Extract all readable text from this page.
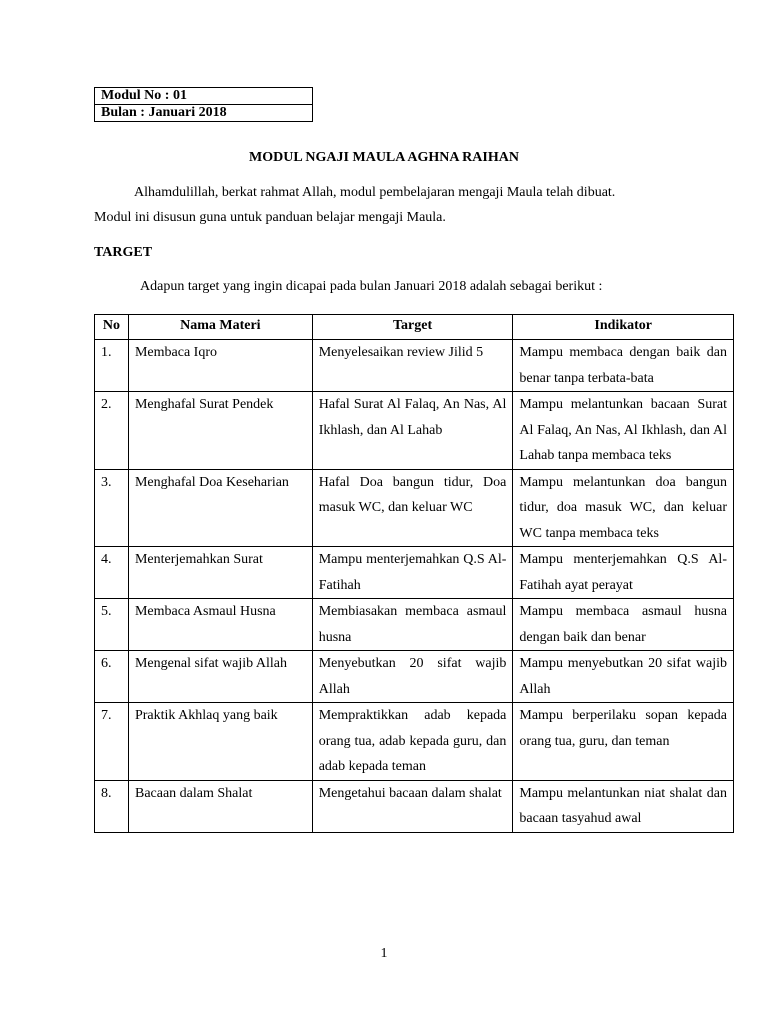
Modul No : 01
Bulan : Januari 2018
MODUL NGAJI MAULA AGHNA RAIHAN
Alhamdulillah, berkat rahmat Allah, modul pembelajaran mengaji Maula telah dibuat.
Modul ini disusun guna untuk panduan belajar mengaji Maula.
TARGET
Adapun target yang ingin dicapai pada bulan Januari 2018 adalah sebagai berikut :
No	Nama Materi	Target	Indikator
1.	Membaca Iqro	Menyelesaikan review Jilid 5	Mampu membaca dengan baik dan benar tanpa terbata-bata
2.	Menghafal Surat Pendek	Hafal Surat Al Falaq, An Nas, Al Ikhlash, dan Al Lahab	Mampu melantunkan bacaan Surat Al Falaq, An Nas, Al Ikhlash, dan Al Lahab tanpa membaca teks
3.	Menghafal Doa Keseharian	Hafal Doa bangun tidur, Doa masuk WC, dan keluar WC	Mampu melantunkan doa bangun tidur, doa masuk WC, dan keluar WC tanpa membaca teks
4.	Menterjemahkan Surat	Mampu menterjemahkan Q.S Al-Fatihah	Mampu menterjemahkan Q.S Al-Fatihah ayat perayat
5.	Membaca Asmaul Husna	Membiasakan membaca asmaul husna	Mampu membaca asmaul husna dengan baik dan benar
6.	Mengenal sifat wajib Allah	Menyebutkan 20 sifat wajib Allah	Mampu menyebutkan 20 sifat wajib Allah
7.	Praktik Akhlaq yang baik	Mempraktikkan adab kepada orang tua, adab kepada guru, dan adab kepada teman	Mampu berperilaku sopan kepada orang tua, guru, dan teman
8.	Bacaan dalam Shalat	Mengetahui bacaan dalam shalat	Mampu melantunkan niat shalat dan bacaan tasyahud awal
1
